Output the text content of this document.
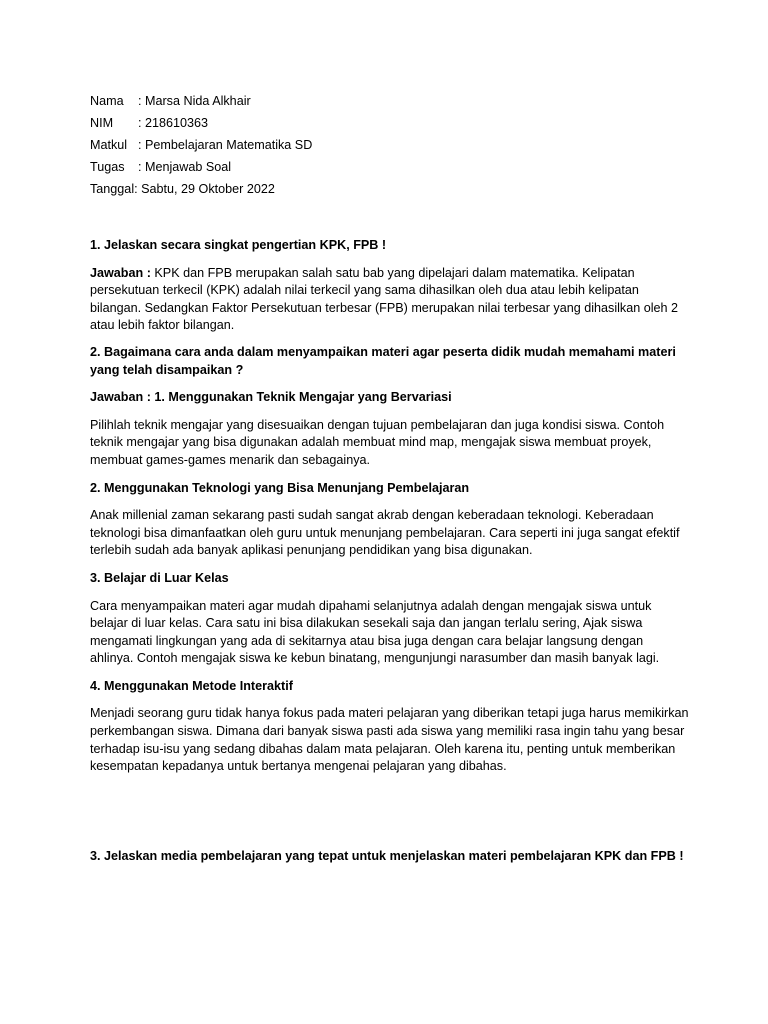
Nama : Marsa Nida Alkhair
NIM : 218610363
Matkul : Pembelajaran Matematika SD
Tugas : Menjawab Soal
Tanggal: Sabtu, 29 Oktober 2022

1. Jelaskan secara singkat pengertian KPK, FPB !

Jawaban : KPK dan FPB merupakan salah satu bab yang dipelajari dalam matematika. Kelipatan persekutuan terkecil (KPK) adalah nilai terkecil yang sama dihasilkan oleh dua atau lebih kelipatan bilangan. Sedangkan Faktor Persekutuan terbesar (FPB) merupakan nilai terbesar yang dihasilkan oleh 2 atau lebih faktor bilangan.

2. Bagaimana cara anda dalam menyampaikan materi agar peserta didik mudah memahami materi yang telah disampaikan ?

Jawaban : 1. Menggunakan Teknik Mengajar yang Bervariasi

Pilihlah teknik mengajar yang disesuaikan dengan tujuan pembelajaran dan juga kondisi siswa. Contoh teknik mengajar yang bisa digunakan adalah membuat mind map, mengajak siswa membuat proyek, membuat games-games menarik dan sebagainya.

2. Menggunakan Teknologi yang Bisa Menunjang Pembelajaran

Anak millenial zaman sekarang pasti sudah sangat akrab dengan keberadaan teknologi. Keberadaan teknologi bisa dimanfaatkan oleh guru untuk menunjang pembelajaran. Cara seperti ini juga sangat efektif terlebih sudah ada banyak aplikasi penunjang pendidikan yang bisa digunakan.

3. Belajar di Luar Kelas

Cara menyampaikan materi agar mudah dipahami selanjutnya adalah dengan mengajak siswa untuk belajar di luar kelas. Cara satu ini bisa dilakukan sesekali saja dan jangan terlalu sering, Ajak siswa mengamati lingkungan yang ada di sekitarnya atau bisa juga dengan cara belajar langsung dengan ahlinya. Contoh mengajak siswa ke kebun binatang, mengunjungi narasumber dan masih banyak lagi.

4. Menggunakan Metode Interaktif

Menjadi seorang guru tidak hanya fokus pada materi pelajaran yang diberikan tetapi juga harus memikirkan perkembangan siswa. Dimana dari banyak siswa pasti ada siswa yang memiliki rasa ingin tahu yang besar terhadap isu-isu yang sedang dibahas dalam mata pelajaran. Oleh karena itu, penting untuk memberikan kesempatan kepadanya untuk bertanya mengenai pelajaran yang dibahas.

3. Jelaskan media pembelajaran yang tepat untuk menjelaskan materi pembelajaran KPK dan FPB !
